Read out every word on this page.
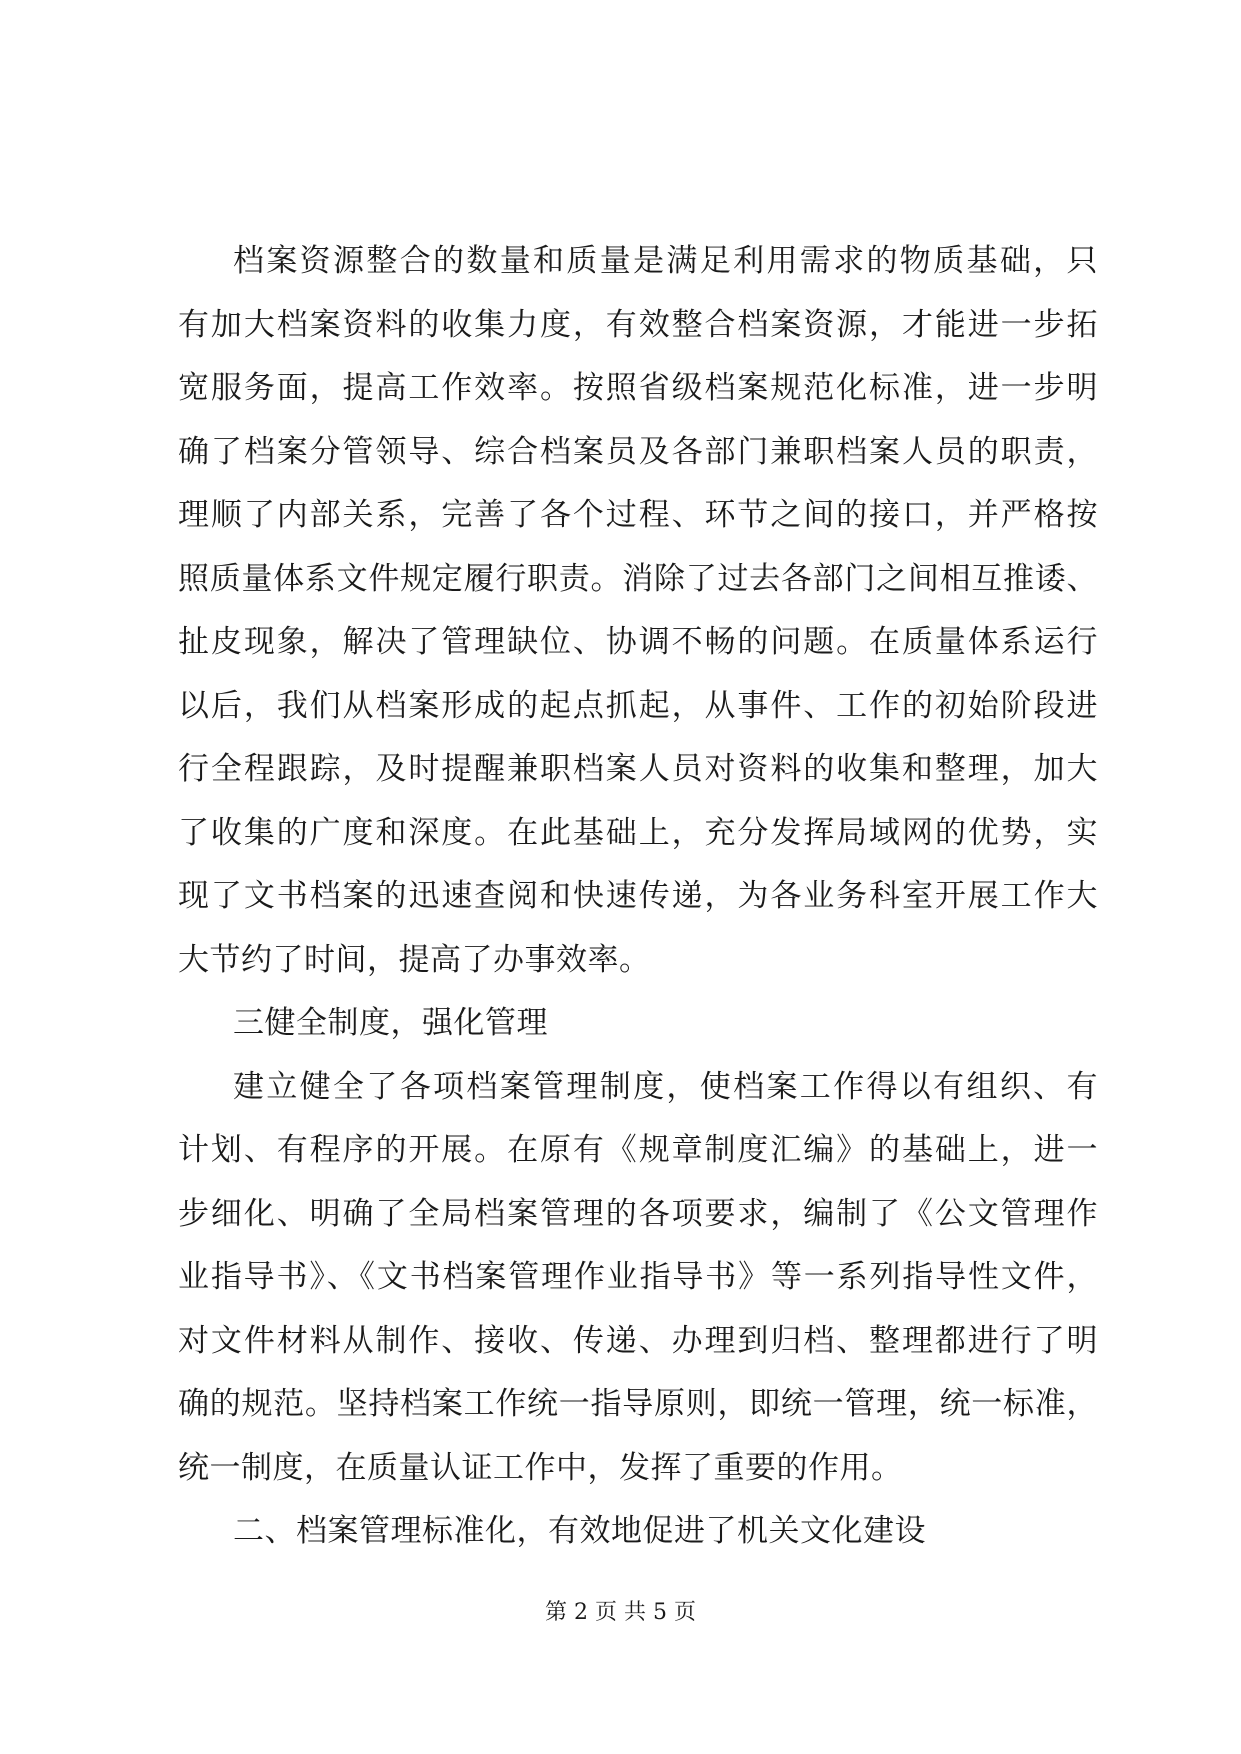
档案资源整合的数量和质量是满足利用需求的物质基础，只
有加大档案资料的收集力度，有效整合档案资源，才能进一步拓
宽服务面，提高工作效率。按照省级档案规范化标准，进一步明
确了档案分管领导、综合档案员及各部门兼职档案人员的职责，
理顺了内部关系，完善了各个过程、环节之间的接口，并严格按
照质量体系文件规定履行职责。消除了过去各部门之间相互推诿、
扯皮现象，解决了管理缺位、协调不畅的问题。在质量体系运行
以后，我们从档案形成的起点抓起，从事件、工作的初始阶段进
行全程跟踪，及时提醒兼职档案人员对资料的收集和整理，加大
了收集的广度和深度。在此基础上，充分发挥局域网的优势，实
现了文书档案的迅速查阅和快速传递，为各业务科室开展工作大
大节约了时间，提高了办事效率。
三健全制度，强化管理
建立健全了各项档案管理制度，使档案工作得以有组织、有
计划、有程序的开展。在原有《规章制度汇编》的基础上，进一
步细化、明确了全局档案管理的各项要求，编制了《公文管理作
业指导书》、《文书档案管理作业指导书》等一系列指导性文件，
对文件材料从制作、接收、传递、办理到归档、整理都进行了明
确的规范。坚持档案工作统一指导原则，即统一管理，统一标准，
统一制度，在质量认证工作中，发挥了重要的作用。
二、档案管理标准化，有效地促进了机关文化建设
第 2 页 共 5 页
